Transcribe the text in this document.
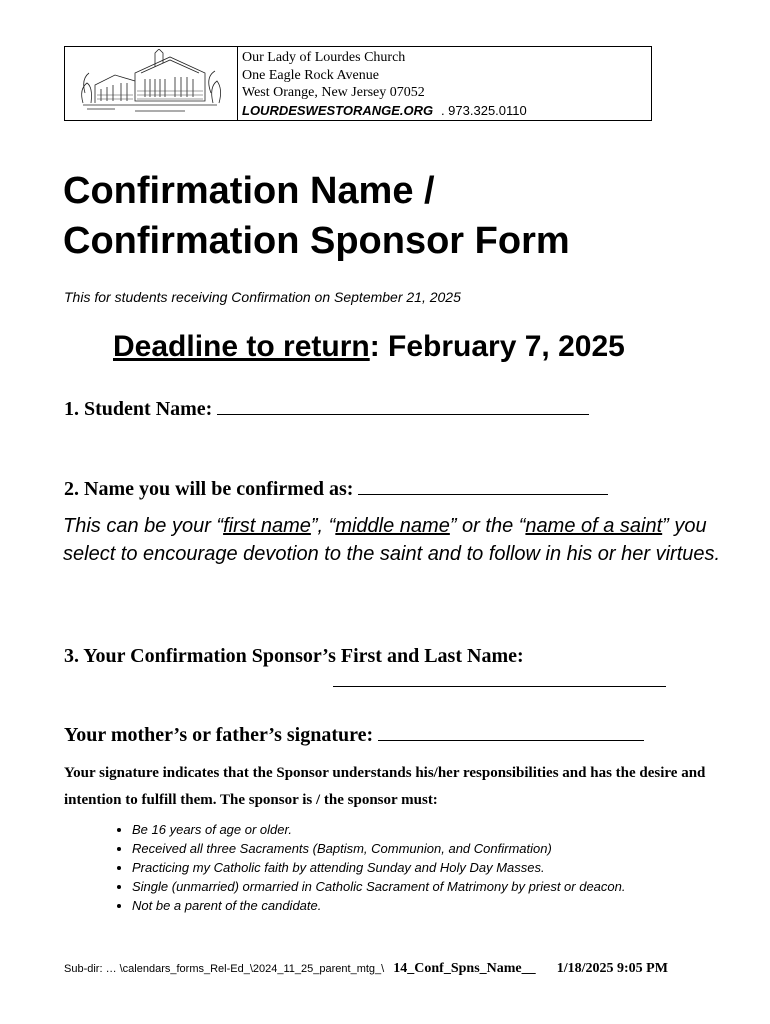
Our Lady of Lourdes Church
One Eagle Rock Avenue
West Orange, New Jersey 07052
LOURDESWESTORANGE.ORG . 973.325.0110
Confirmation Name /
Confirmation Sponsor Form
This for students receiving Confirmation on September 21, 2025
Deadline to return: February 7, 2025
1. Student Name:
2. Name you will be confirmed as:
This can be your “first name”, “middle name” or the “name of a saint” you select to encourage devotion to the saint and to follow in his or her virtues.
3. Your Confirmation Sponsor’s First and Last Name:
Your mother’s or father’s signature:
Your signature indicates that the Sponsor understands his/her responsibilities and has the desire and intention to fulfill them. The sponsor is / the sponsor must:
• Be 16 years of age or older.
• Received all three Sacraments (Baptism, Communion, and Confirmation)
• Practicing my Catholic faith by attending Sunday and Holy Day Masses.
• Single (unmarried) ormarried in Catholic Sacrament of Matrimony by priest or deacon.
• Not be a parent of the candidate.
Sub-dir: … \calendars_forms_Rel-Ed_\2024_11_25_parent_mtg_\ 14_Conf_Spns_Name__ 1/18/2025 9:05 PM
